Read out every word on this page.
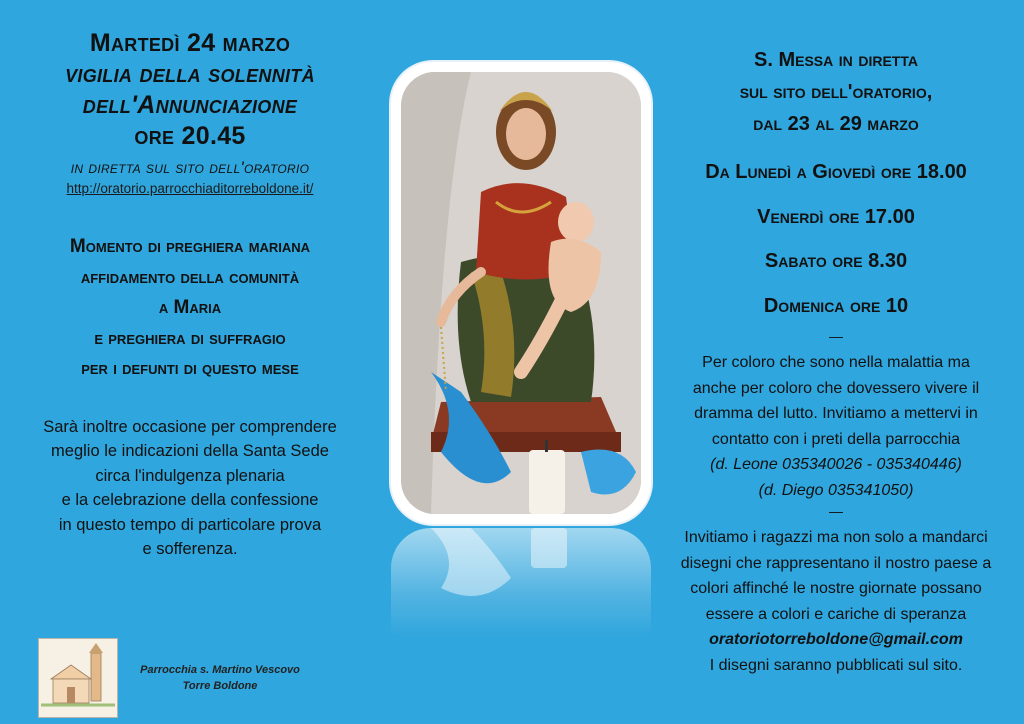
Martedì 24 marzo
vigilia della solennità
dell'Annunciazione
ore 20.45
in diretta sul sito dell'oratorio
http://oratorio.parrocchiaditorreboldone.it/
Momento di preghiera mariana
affidamento della comunità
a Maria
e preghiera di suffragio
per i defunti di questo mese
Sarà inoltre occasione per comprendere
meglio le indicazioni della Santa Sede
circa l'indulgenza plenaria
e la celebrazione della confessione
in questo tempo di particolare prova
e sofferenza.
S. Messa in diretta
sul sito dell'oratorio,
dal 23 al 29 marzo
Da Lunedì a Giovedì ore 18.00
Venerdì ore 17.00
Sabato ore 8.30
Domenica ore 10
—
Per coloro che sono nella malattia ma
anche per coloro che dovessero vivere il
dramma del lutto. Invitiamo a mettervi in
contatto con i preti della parrocchia
(d. Leone 035340026 - 035340446)
(d. Diego 035341050)
—
Invitiamo i ragazzi ma non solo a mandarci
disegni che rappresentano il nostro paese a
colori affinché le nostre giornate possano
essere a colori e cariche di speranza
oratoriotorreboldone@gmail.com
I disegni saranno pubblicati sul sito.
Parrocchia s. Martino Vescovo
Torre Boldone
